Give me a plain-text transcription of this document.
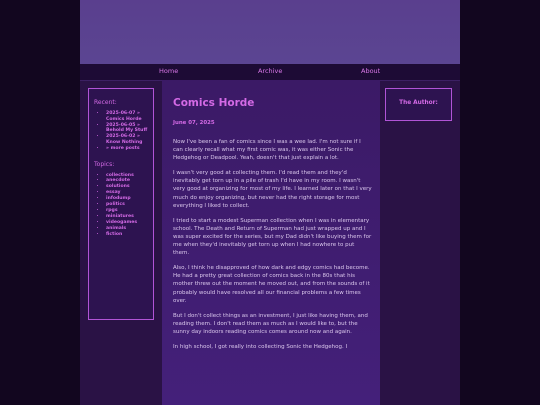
Home	Archive	About
Recent:
• 2025-06-07 » Comics Horde
• 2025-06-05 » Behold My Stuff
• 2025-06-02 » Know Nothing
• » more posts
Topics:
• collections
• anecdote
• solutions
• essay
• infodump
• politics
• rpgs
• miniatures
• videogames
• animals
• fiction
Comics Horde
June 07, 2025

Now I've been a fan of comics since I was a wee lad. I'm not sure if I can clearly recall what my first comic was, it was either Sonic the Hedgehog or Deadpool. Yeah, doesn't that just explain a lot.

I wasn't very good at collecting them. I'd read them and they'd inevitably get torn up in a pile of trash I'd have in my room. I wasn't very good at organizing for most of my life. I learned later on that I very much do enjoy organizing, but never had the right storage for most everything I liked to collect.

I tried to start a modest Superman collection when I was in elementary school. The Death and Return of Superman had just wrapped up and I was super excited for the series, but my Dad didn't like buying them for me when they'd inevitably get torn up when I had nowhere to put them.

Also, I think he disapproved of how dark and edgy comics had become. He had a pretty great collection of comics back in the 80s that his mother threw out the moment he moved out, and from the sounds of it probably would have resolved all our financial problems a few times over.

But I don't collect things as an investment, I just like having them, and reading them. I don't read them as much as I would like to, but the sunny day indoors reading comics comes around now and again.

In high school, I got really into collecting Sonic the Hedgehog. I

The Author:
